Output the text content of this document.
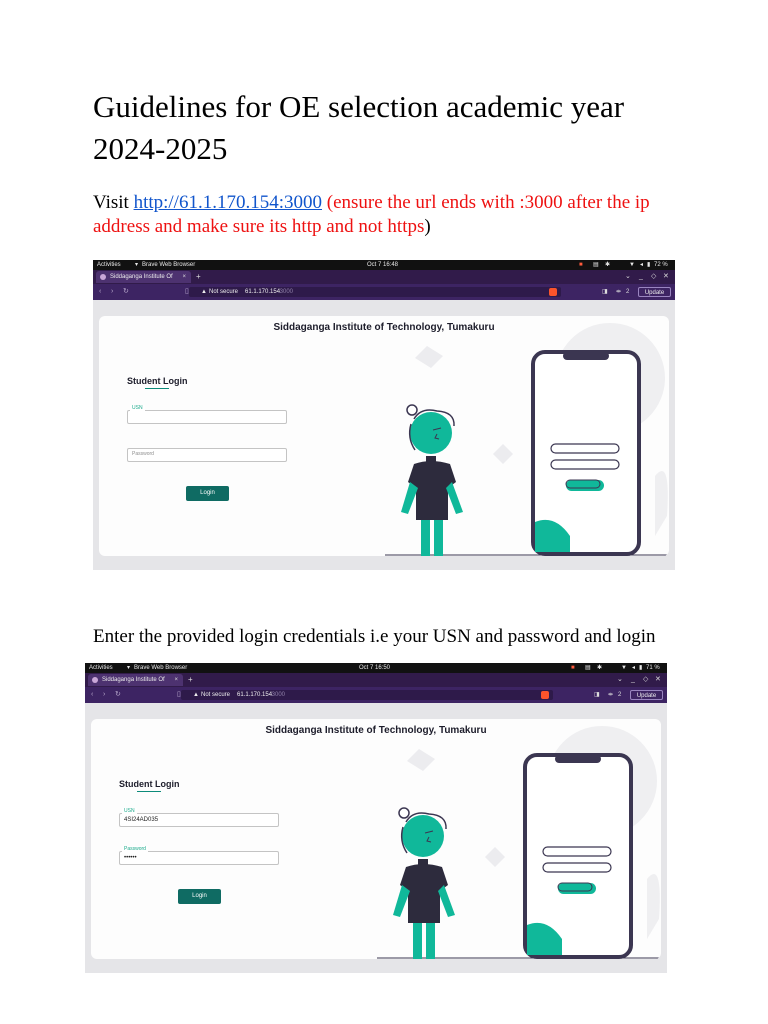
Guidelines for OE selection academic year 2024-2025

Visit http://61.1.170.154:3000 (ensure the url ends with :3000 after the ip address and make sure its http and not https)

Activities ▾ Brave Web Browser	Oct 7 16:48	■ ▤ ✱	▼ ◂ ▮ 72 %
Siddaganga Institute Of × +	⌄ _ ◇ ✕
‹ › ↻	▯ ▲ Not secure 61.1.170.154
:3000	◨ ⇹ 2	Update
Siddaganga Institute of Technology, Tumakuru
Student Login
USN
Password
Login

Enter the provided login credentials i.e your USN and password and login

Activities ▾ Brave Web Browser	Oct 7 16:50	■ ▤ ✱	▼ ◂ ▮ 71 %
Siddaganga Institute Of × +	⌄ _ ◇ ✕
‹ › ↻	▯ ▲ Not secure 61.1.170.154
:3000	◨ ⇹ 2	Update
Siddaganga Institute of Technology, Tumakuru
Student Login
USN
4SI24AD035
Password
••••••
Login
